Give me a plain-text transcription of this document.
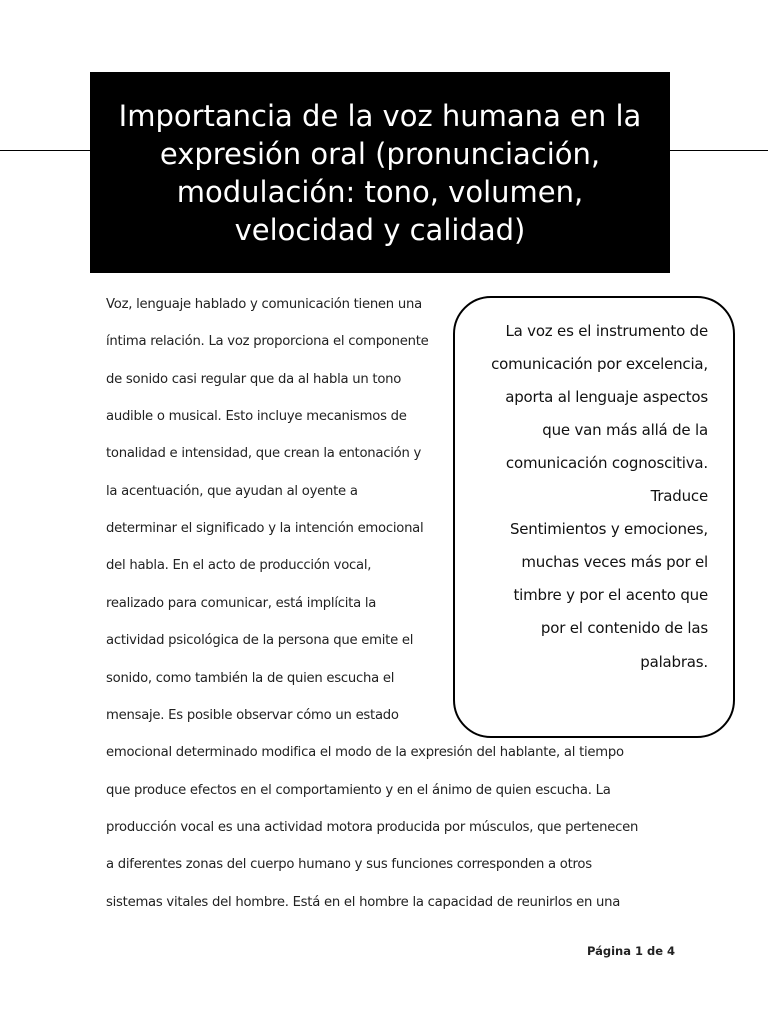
Importancia de la voz humana en la expresión oral (pronunciación, modulación: tono, volumen, velocidad y calidad)
Voz, lenguaje hablado y comunicación tienen una
íntima relación. La voz proporciona el componente
de sonido casi regular que da al habla un tono
audible o musical. Esto incluye mecanismos de
tonalidad e intensidad, que crean la entonación y
la acentuación, que ayudan al oyente a
determinar el significado y la intención emocional
del habla. En el acto de producción vocal,
realizado para comunicar, está implícita la
actividad psicológica de la persona que emite el
sonido, como también la de quien escucha el
mensaje. Es posible observar cómo un estado
emocional determinado modifica el modo de la expresión del hablante, al tiempo
que produce efectos en el comportamiento y en el ánimo de quien escucha. La
producción vocal es una actividad motora producida por músculos, que pertenecen
a diferentes zonas del cuerpo humano y sus funciones corresponden a otros
sistemas vitales del hombre. Está en el hombre la capacidad de reunirlos en una
La voz es el instrumento de
comunicación por excelencia,
aporta al lenguaje aspectos
que van más allá de la
comunicación cognoscitiva.
Traduce
Sentimientos y emociones,
muchas veces más por el
timbre y por el acento que
por el contenido de las
palabras.
Página 1 de 4
